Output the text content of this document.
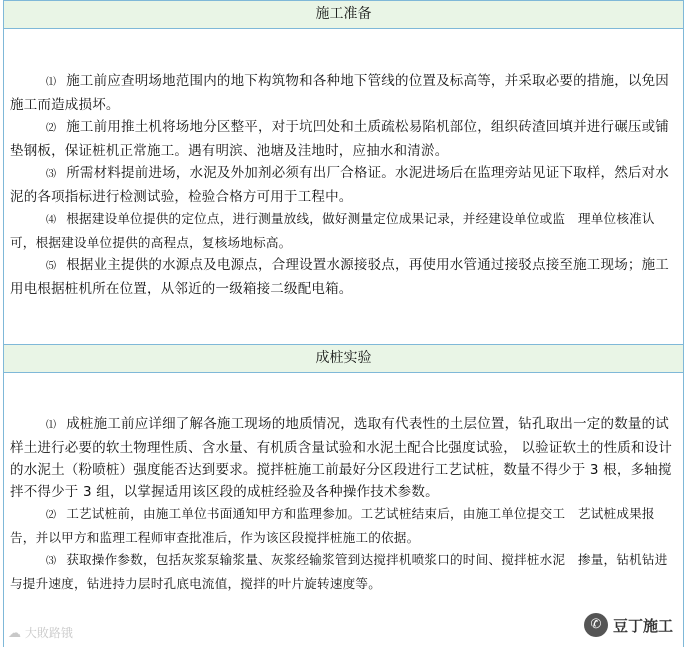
施工准备

⑴ 施工前应查明场地范围内的地下构筑物和各种地下管线的位置及标高等，并采取必要的措施，以免因施工而造成损坏。

⑵ 施工前用推土机将场地分区整平，对于坑凹处和土质疏松易陷机部位，组织砖渣回填并进行碾压或铺垫钢板，保证桩机正常施工。遇有明滨、池塘及洼地时，应抽水和清淤。

⑶ 所需材料提前进场，水泥及外加剂必须有出厂合格证。水泥进场后在监理旁站见证下取样，然后对水泥的各项指标进行检测试验，检验合格方可用于工程中。

⑷ 根据建设单位提供的定位点，进行测量放线，做好测量定位成果记录，并经建设单位或监　理单位核准认可，根据建设单位提供的高程点，复核场地标高。

⑸ 根据业主提供的水源点及电源点，合理设置水源接驳点，再使用水管通过接驳点接至施工现场；施工用电根据桩机所在位置，从邻近的一级箱接二级配电箱。

成桩实验

⑴ 成桩施工前应详细了解各施工现场的地质情况，选取有代表性的土层位置，钻孔取出一定的数量的试样土进行必要的软土物理性质、含水量、有机质含量试验和水泥土配合比强度试验， 以验证软土的性质和设计的水泥土（粉喷桩）强度能否达到要求。搅拌桩施工前最好分区段进行工艺试桩，数量不得少于 3 根，多轴搅拌不得少于 3 组，以掌握适用该区段的成桩经验及各种操作技术参数。

⑵ 工艺试桩前，由施工单位书面通知甲方和监理参加。工艺试桩结束后，由施工单位提交工　艺试桩成果报告，并以甲方和监理工程师审查批准后，作为该区段搅拌桩施工的依据。

⑶ 获取操作参数，包括灰浆泵输浆量、灰浆经输浆管到达搅拌机喷浆口的时间、搅拌桩水泥　掺量，钻机钻进与提升速度，钻进持力层时孔底电流值，搅拌的叶片旋转速度等。

☁ 大敗路锇
✆ 豆丁施工
